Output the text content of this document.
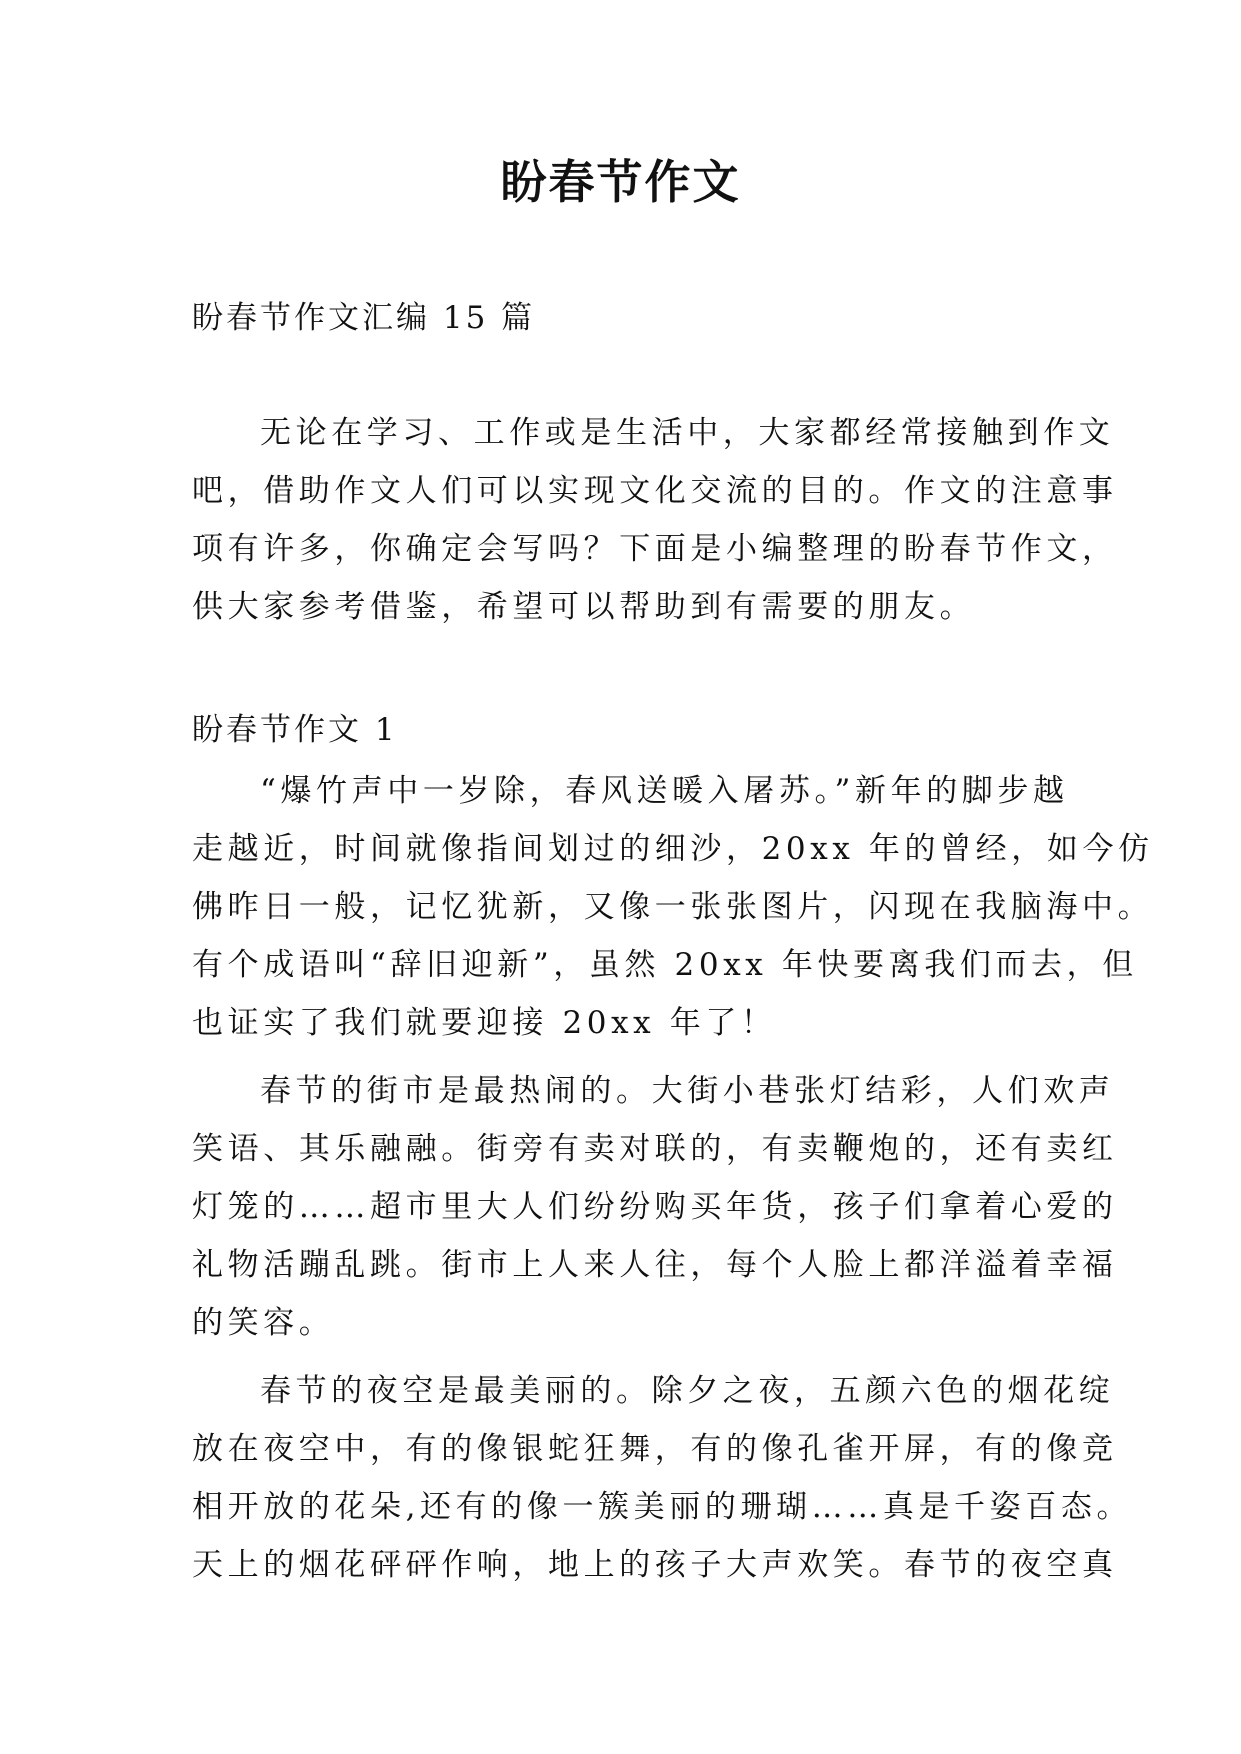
盼春节作文
盼春节作文汇编 15 篇
无论在学习、工作或是生活中，大家都经常接触到作文
吧，借助作文人们可以实现文化交流的目的。作文的注意事
项有许多，你确定会写吗？下面是小编整理的盼春节作文，
供大家参考借鉴，希望可以帮助到有需要的朋友。
盼春节作文 1
“爆竹声中一岁除，春风送暖入屠苏。”新年的脚步越
走越近，时间就像指间划过的细沙，20xx 年的曾经，如今仿
佛昨日一般，记忆犹新，又像一张张图片，闪现在我脑海中。
有个成语叫“辞旧迎新”，虽然 20xx 年快要离我们而去，但
也证实了我们就要迎接 20xx 年了！
春节的街市是最热闹的。大街小巷张灯结彩，人们欢声
笑语、其乐融融。街旁有卖对联的，有卖鞭炮的，还有卖红
灯笼的……超市里大人们纷纷购买年货，孩子们拿着心爱的
礼物活蹦乱跳。街市上人来人往，每个人脸上都洋溢着幸福
的笑容。
春节的夜空是最美丽的。除夕之夜，五颜六色的烟花绽
放在夜空中，有的像银蛇狂舞，有的像孔雀开屏，有的像竞
相开放的花朵,还有的像一簇美丽的珊瑚……真是千姿百态。
天上的烟花砰砰作响，地上的孩子大声欢笑。春节的夜空真
